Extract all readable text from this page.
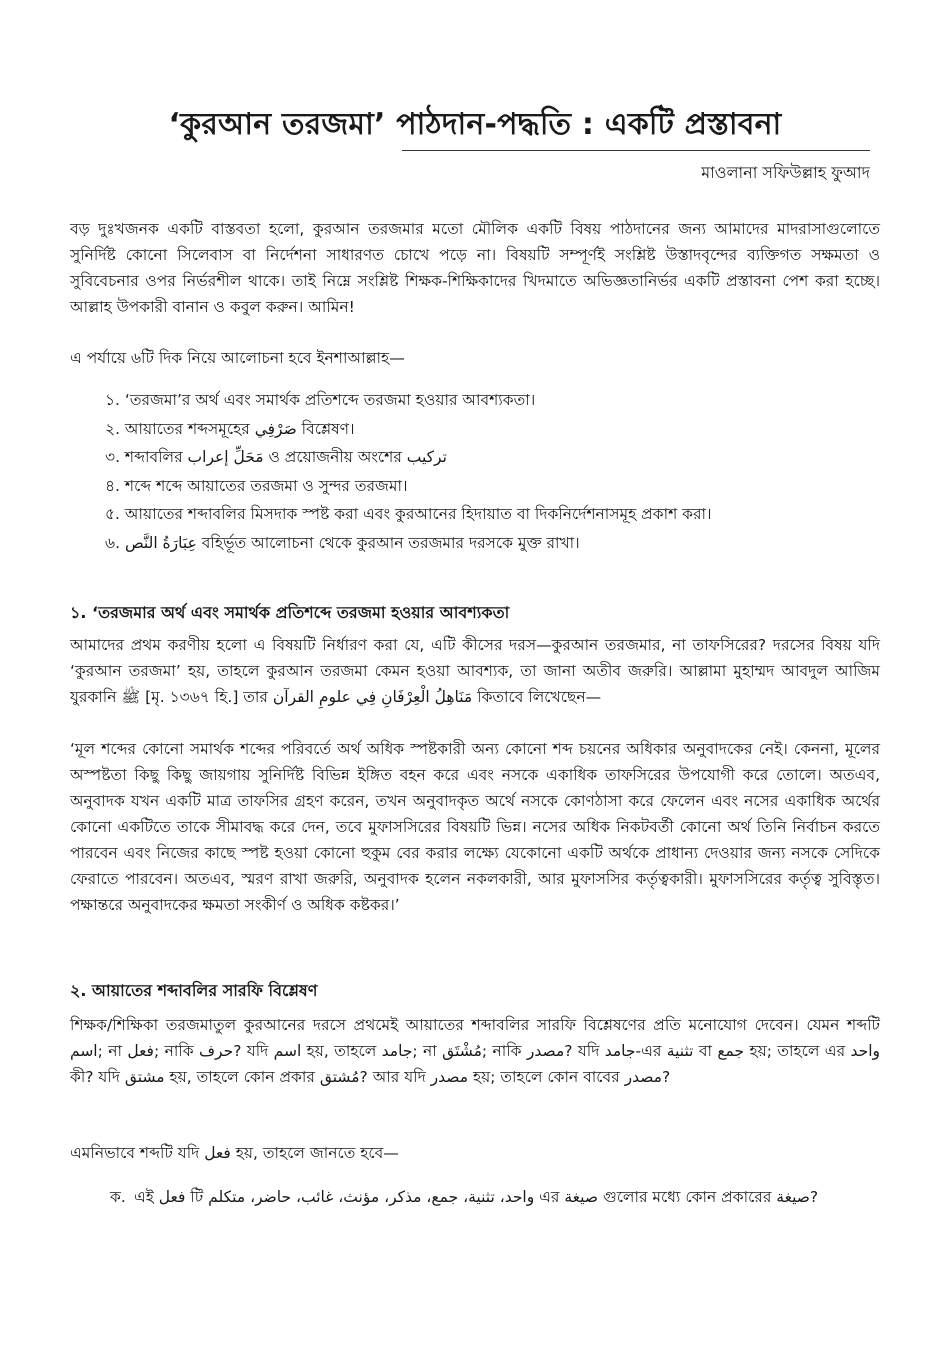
‘কুরআন তরজমা’ পাঠদান-পদ্ধতি : একটি প্রস্তাবনা
মাওলানা সফিউল্লাহ ফুআদ

বড় দুঃখজনক একটি বাস্তবতা হলো, কুরআন তরজমার মতো মৌলিক একটি বিষয় পাঠদানের জন্য আমাদের মাদরাসাগুলোতে সুনির্দিষ্ট কোনো সিলেবাস বা নির্দেশনা সাধারণত চোখে পড়ে না। বিষয়টি সম্পূর্ণই সংশ্লিষ্ট উস্তাদবৃন্দের ব্যক্তিগত সক্ষমতা ও সুবিবেচনার ওপর নির্ভরশীল থাকে। তাই নিম্নে সংশ্লিষ্ট শিক্ষক-শিক্ষিকাদের খিদমাতে অভিজ্ঞতানির্ভর একটি প্রস্তাবনা পেশ করা হচ্ছে। আল্লাহ উপকারী বানান ও কবুল করুন। আমিন!

এ পর্যায়ে ৬টি দিক নিয়ে আলোচনা হবে ইনশাআল্লাহ—
১. ‘তরজমা’র অর্থ এবং সমার্থক প্রতিশব্দে তরজমা হওয়ার আবশ্যকতা।
২. আয়াতের শব্দসমূহের صَرْفِي বিশ্লেষণ।
৩. শব্দাবলির مَحَلِّ إعراب ও প্রয়োজনীয় অংশের تركيب
৪. শব্দে শব্দে আয়াতের তরজমা ও সুন্দর তরজমা।
৫. আয়াতের শব্দাবলির মিসদাক স্পষ্ট করা এবং কুরআনের হিদায়াত বা দিকনির্দেশনাসমূহ প্রকাশ করা।
৬. عِبَارَةُ النَّص বহির্ভূত আলোচনা থেকে কুরআন তরজমার দরসকে মুক্ত রাখা।
১. ‘তরজমার অর্থ এবং সমার্থক প্রতিশব্দে তরজমা হওয়ার আবশ্যকতা

আমাদের প্রথম করণীয় হলো এ বিষয়টি নির্ধারণ করা যে, এটি কীসের দরস—কুরআন তরজমার, না তাফসিরের? দরসের বিষয় যদি ‘কুরআন তরজমা’ হয়, তাহলে কুরআন তরজমা কেমন হওয়া আবশ্যক, তা জানা অতীব জরুরি। আল্লামা মুহাম্মদ আবদুল আজিম যুরকানি ﷺ [মৃ. ১৩৬৭ হি.] তার مَنَاهِلُ الْعِرْفَانِ فِي علومِ القرآن কিতাবে লিখেছেন—

‘মূল শব্দের কোনো সমার্থক শব্দের পরিবর্তে অর্থ অধিক স্পষ্টকারী অন্য কোনো শব্দ চয়নের অধিকার অনুবাদকের নেই। কেননা, মূলের অস্পষ্টতা কিছু কিছু জায়গায় সুনির্দিষ্ট বিভিন্ন ইঙ্গিত বহন করে এবং নসকে একাধিক তাফসিরের উপযোগী করে তোলে। অতএব, অনুবাদক যখন একটি মাত্র তাফসির গ্রহণ করেন, তখন অনুবাদকৃত অর্থে নসকে কোণঠাসা করে ফেলেন এবং নসের একাধিক অর্থের কোনো একটিতে তাকে সীমাবদ্ধ করে দেন, তবে মুফাসসিরের বিষয়টি ভিন্ন। নসের অধিক নিকটবর্তী কোনো অর্থ তিনি নির্বাচন করতে পারবেন এবং নিজের কাছে স্পষ্ট হওয়া কোনো হুকুম বের করার লক্ষ্যে যেকোনো একটি অর্থকে প্রাধান্য দেওয়ার জন্য নসকে সেদিকে ফেরাতে পারবেন। অতএব, স্মরণ রাখা জরুরি, অনুবাদক হলেন নকলকারী, আর মুফাসসির কর্তৃত্বকারী। মুফাসসিরের কর্তৃত্ব সুবিস্তৃত। পক্ষান্তরে অনুবাদকের ক্ষমতা সংকীর্ণ ও অধিক কষ্টকর।’

২. আয়াতের শব্দাবলির সারফি বিশ্লেষণ

শিক্ষক/শিক্ষিকা তরজমাতুল কুরআনের দরসে প্রথমেই আয়াতের শব্দাবলির সারফি বিশ্লেষণের প্রতি মনোযোগ দেবেন। যেমন শব্দটি اسم; না فعل; নাকি حرف? যদি اسم হয়, তাহলে جامد; না مُشْتَق; নাকি مصدر? যদি جامد-এর تثنية বা جمع হয়; তাহলে এর واحد কী? যদি مشتق হয়, তাহলে কোন প্রকার مُشتق? আর যদি مصدر হয়; তাহলে কোন বাবের مصدر?

এমনিভাবে শব্দটি যদি فعل হয়, তাহলে জানতে হবে—
ক. এই فعل টি واحد، تثنية، جمع، مذكر، مؤنث، غائب، حاضر، متكلم এর صيغة গুলোর মধ্যে কোন প্রকারের صيغة?
